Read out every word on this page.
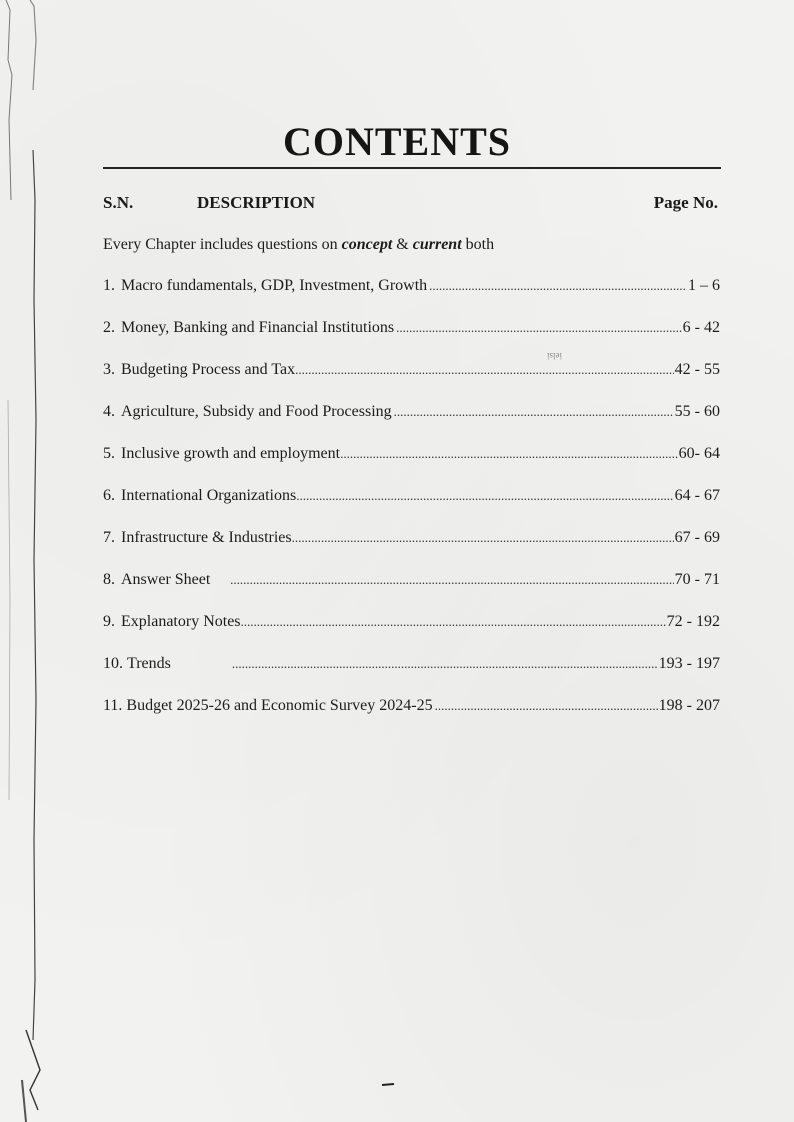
CONTENTS
S.N.	DESCRIPTION	Page No.
Every Chapter includes questions on concept & current both
ielsi
1. Macro fundamentals, GDP, Investment, Growth .....	1 – 6
2. Money, Banking and Financial Institutions .....	6 - 42
3. Budgeting Process and Tax .....	42 - 55
4. Agriculture, Subsidy and Food Processing .....	55 - 60
5. Inclusive growth and employment .....	60- 64
6. International Organizations .....	64 - 67
7. Infrastructure & Industries .....	67 - 69
8. Answer Sheet .....	70 - 71
9. Explanatory Notes .....	72 - 192
10. Trends .....	193 - 197
11. Budget 2025-26 and Economic Survey 2024-25 .....	198 - 207
